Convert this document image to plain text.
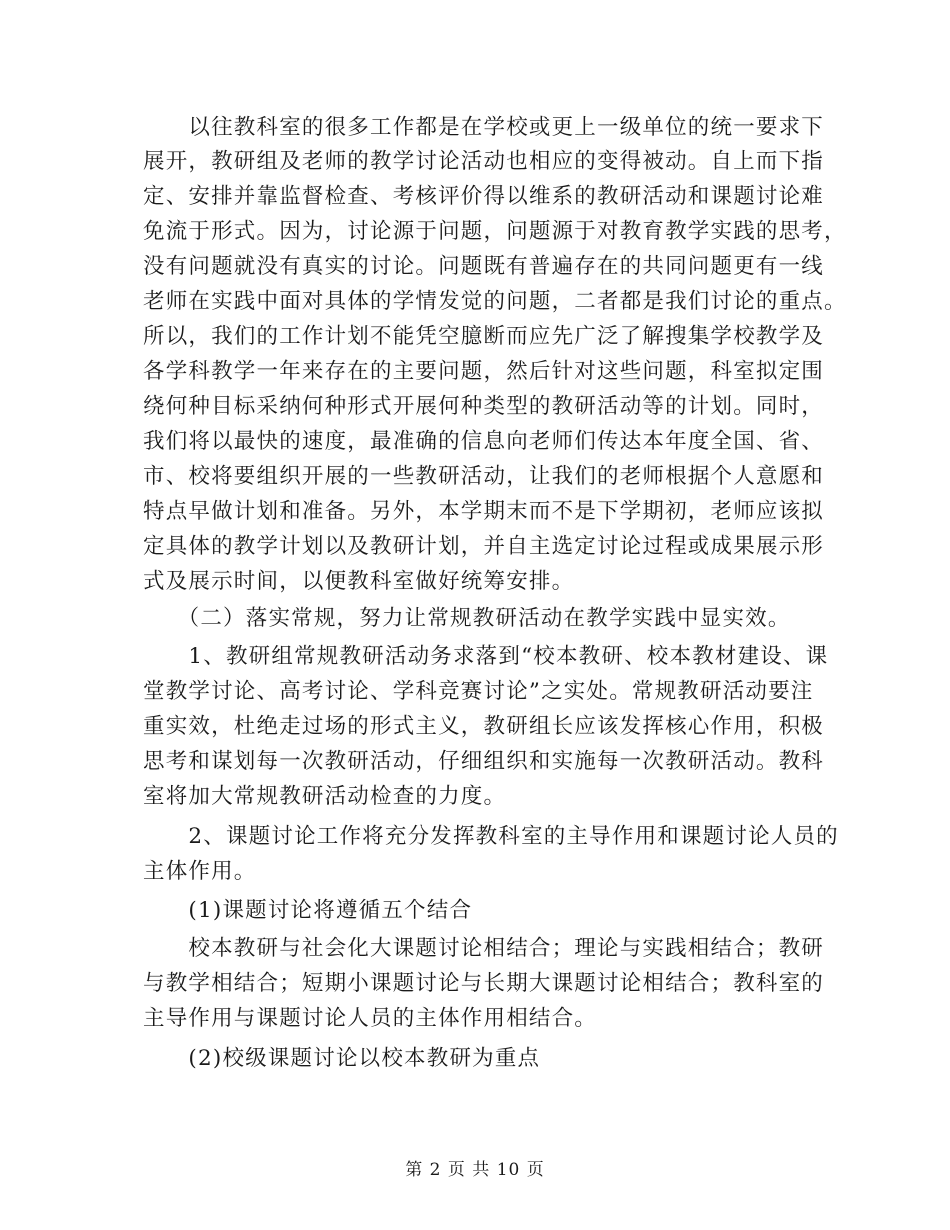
　　以往教科室的很多工作都是在学校或更上一级单位的统一要求下
展开，教研组及老师的教学讨论活动也相应的变得被动。自上而下指
定、安排并靠监督检查、考核评价得以维系的教研活动和课题讨论难
免流于形式。因为，讨论源于问题，问题源于对教育教学实践的思考，
没有问题就没有真实的讨论。问题既有普遍存在的共同问题更有一线
老师在实践中面对具体的学情发觉的问题，二者都是我们讨论的重点。
所以，我们的工作计划不能凭空臆断而应先广泛了解搜集学校教学及
各学科教学一年来存在的主要问题，然后针对这些问题，科室拟定围
绕何种目标采纳何种形式开展何种类型的教研活动等的计划。同时，
我们将以最快的速度，最准确的信息向老师们传达本年度全国、省、
市、校将要组织开展的一些教研活动，让我们的老师根据个人意愿和
特点早做计划和准备。另外，本学期末而不是下学期初，老师应该拟
定具体的教学计划以及教研计划，并自主选定讨论过程或成果展示形
式及展示时间，以便教科室做好统筹安排。
　　（二）落实常规，努力让常规教研活动在教学实践中显实效。
　　1、教研组常规教研活动务求落到“校本教研、校本教材建设、课
堂教学讨论、高考讨论、学科竞赛讨论”之实处。常规教研活动要注
重实效，杜绝走过场的形式主义，教研组长应该发挥核心作用，积极
思考和谋划每一次教研活动，仔细组织和实施每一次教研活动。教科
室将加大常规教研活动检查的力度。
　　2、课题讨论工作将充分发挥教科室的主导作用和课题讨论人员的
主体作用。
　　(1)课题讨论将遵循五个结合
　　校本教研与社会化大课题讨论相结合；理论与实践相结合；教研
与教学相结合；短期小课题讨论与长期大课题讨论相结合；教科室的
主导作用与课题讨论人员的主体作用相结合。
　　(2)校级课题讨论以校本教研为重点
第 2 页 共 10 页
